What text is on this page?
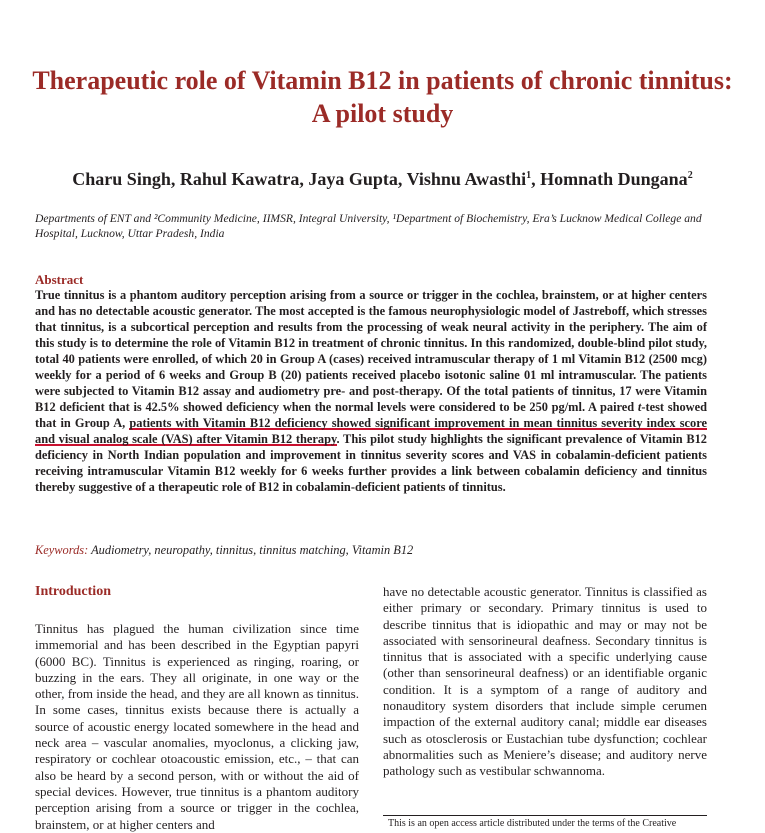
Therapeutic role of Vitamin B12 in patients of chronic tinnitus: A pilot study
Charu Singh, Rahul Kawatra, Jaya Gupta, Vishnu Awasthi$^1$, Homnath Dungana$^2$
Departments of ENT and ²Community Medicine, IIMSR, Integral University, ¹Department of Biochemistry, Era’s Lucknow Medical College and Hospital, Lucknow, Uttar Pradesh, India
Abstract
True tinnitus is a phantom auditory perception arising from a source or trigger in the cochlea, brainstem, or at higher centers and has no detectable acoustic generator. The most accepted is the famous neurophysiologic model of Jastreboff, which stresses that tinnitus, is a subcortical perception and results from the processing of weak neural activity in the periphery. The aim of this study is to determine the role of Vitamin B12 in treatment of chronic tinnitus. In this randomized, double-blind pilot study, total 40 patients were enrolled, of which 20 in Group A (cases) received intramuscular therapy of 1 ml Vitamin B12 (2500 mcg) weekly for a period of 6 weeks and Group B (20) patients received placebo isotonic saline 01 ml intramuscular. The patients were subjected to Vitamin B12 assay and audiometry pre- and post-therapy. Of the total patients of tinnitus, 17 were Vitamin B12 deficient that is 42.5% showed deficiency when the normal levels were considered to be 250 pg/ml. A paired t-test showed that in Group A, patients with Vitamin B12 deficiency showed significant improvement in mean tinnitus severity index score and visual analog scale (VAS) after Vitamin B12 therapy. This pilot study highlights the significant prevalence of Vitamin B12 deficiency in North Indian population and improvement in tinnitus severity scores and VAS in cobalamin-deficient patients receiving intramuscular Vitamin B12 weekly for 6 weeks further provides a link between cobalamin deficiency and tinnitus thereby suggestive of a therapeutic role of B12 in cobalamin-deficient patients of tinnitus.
Keywords: Audiometry, neuropathy, tinnitus, tinnitus matching, Vitamin B12
Introduction
Tinnitus has plagued the human civilization since time immemorial and has been described in the Egyptian papyri (6000 BC). Tinnitus is experienced as ringing, roaring, or buzzing in the ears. They all originate, in one way or the other, from inside the head, and they are all known as tinnitus. In some cases, tinnitus exists because there is actually a source of acoustic energy located somewhere in the head and neck area – vascular anomalies, myoclonus, a clicking jaw, respiratory or cochlear otoacoustic emission, etc., – that can also be heard by a second person, with or without the aid of special devices. However, true tinnitus is a phantom auditory perception arising from a source or trigger in the cochlea, brainstem, or at higher centers and
have no detectable acoustic generator. Tinnitus is classified as either primary or secondary. Primary tinnitus is used to describe tinnitus that is idiopathic and may or may not be associated with sensorineural deafness. Secondary tinnitus is tinnitus that is associated with a specific underlying cause (other than sensorineural deafness) or an identifiable organic condition. It is a symptom of a range of auditory and nonauditory system disorders that include simple cerumen impaction of the external auditory canal; middle ear diseases such as otosclerosis or Eustachian tube dysfunction; cochlear abnormalities such as Meniere’s disease; and auditory nerve pathology such as vestibular schwannoma.
This is an open access article distributed under the terms of the Creative
